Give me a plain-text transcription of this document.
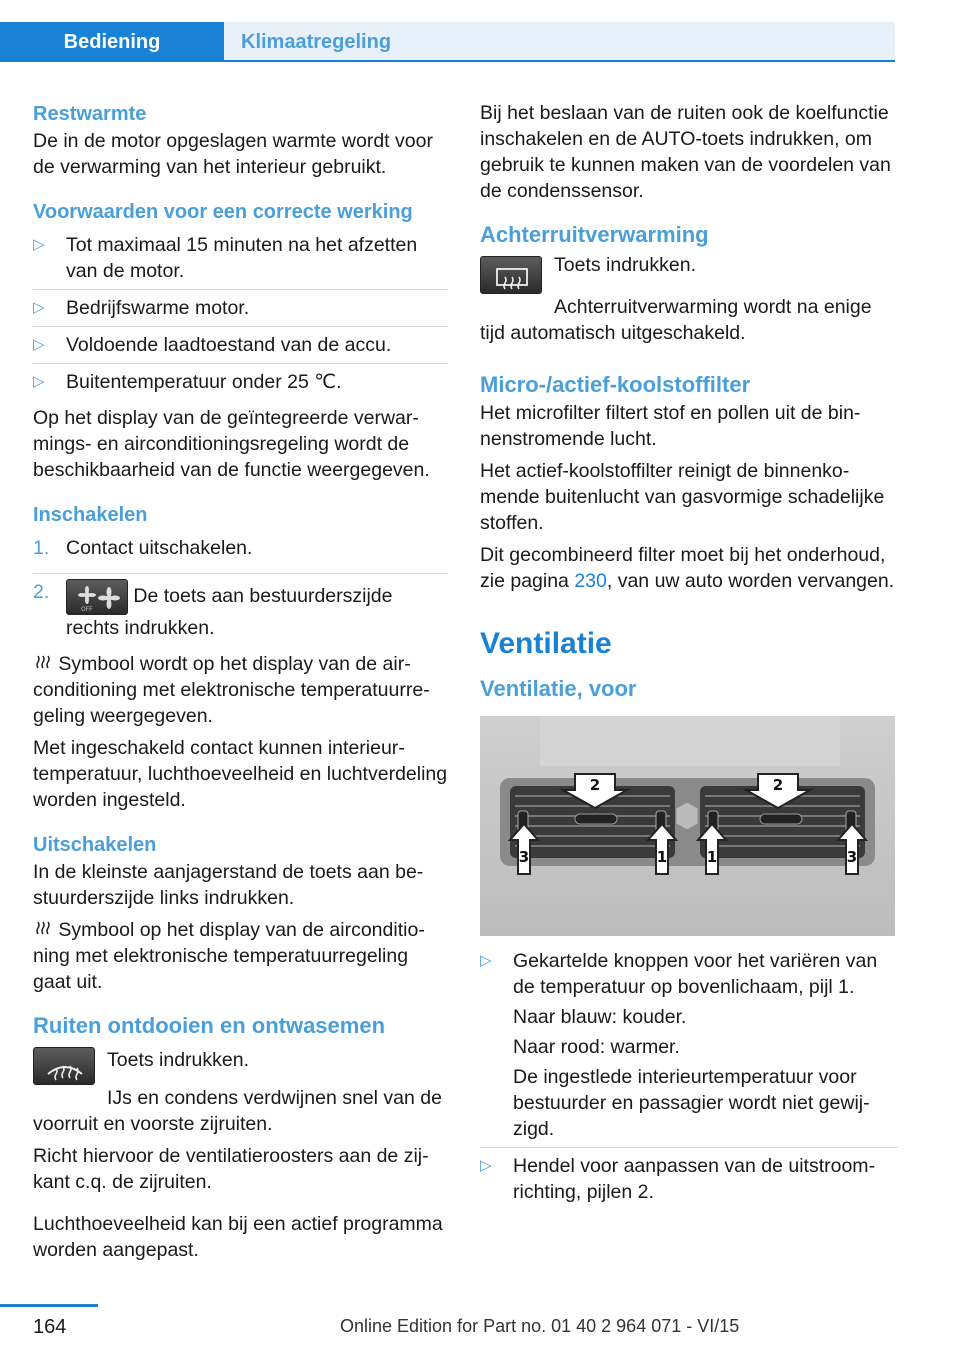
Bediening	Klimaatregeling
Restwarmte
De in de motor opgeslagen warmte wordt voor de verwarming van het interieur gebruikt.
Voorwaarden voor een correcte werking
▷ Tot maximaal 15 minuten na het afzetten van de motor.
▷ Bedrijfswarme motor.
▷ Voldoende laadtoestand van de accu.
▷ Buitentemperatuur onder 25 ℃.
Op het display van de geïntegreerde verwarmings- en airconditioningsregeling wordt de beschikbaarheid van de functie weergegeven.
Inschakelen
1. Contact uitschakelen.
2.
OFF
De toets aan bestuurderszijde rechts indrukken.
Symbool wordt op het display van de airconditioning met elektronische temperatuurregeling weergegeven.
Met ingeschakeld contact kunnen interieurtemperatuur, luchthoeveelheid en luchtverdeling worden ingesteld.
Uitschakelen
In de kleinste aanjagerstand de toets aan bestuurderszijde links indrukken.
Symbool op het display van de airconditioning met elektronische temperatuurregeling gaat uit.
Ruiten ontdooien en ontwasemen
Toets indrukken.
IJs en condens verdwijnen snel van de voorruit en voorste zijruiten.
Richt hiervoor de ventilatieroosters aan de zijkant c.q. de zijruiten.
Luchthoeveelheid kan bij een actief programma worden aangepast.
Bij het beslaan van de ruiten ook de koelfunctie inschakelen en de AUTO-toets indrukken, om gebruik te kunnen maken van de voordelen van de condenssensor.
Achterruitverwarming
Toets indrukken.
Achterruitverwarming wordt na enige tijd automatisch uitgeschakeld.
Micro-/actief-koolstoffilter
Het microfilter filtert stof en pollen uit de binnenstromende lucht.
Het actief-koolstoffilter reinigt de binnenkomende buitenlucht van gasvormige schadelijke stoffen.
Dit gecombineerd filter moet bij het onderhoud, zie pagina 230, van uw auto worden vervangen.
Ventilatie
Ventilatie, voor
2	2
3	1	1	3
▷ Gekartelde knoppen voor het variëren van de temperatuur op bovenlichaam, pijl 1.
Naar blauw: kouder.
Naar rood: warmer.
De ingestlede interieurtemperatuur voor bestuurder en passagier wordt niet gewijzigd.
▷ Hendel voor aanpassen van de uitstroomrichting, pijlen 2.
164	Online Edition for Part no. 01 40 2 964 071 - VI/15
